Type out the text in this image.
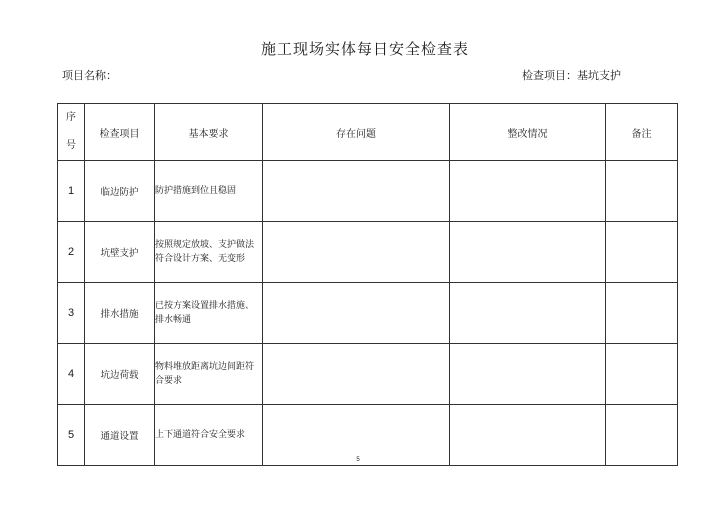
施工现场实体每日安全检查表
项目名称：	检查项目：基坑支护
序
号	检查项目	基本要求	存在问题	整改情况	备注
1	临边防护	防护措施到位且稳固			
2	坑壁支护	按照规定放坡、支护做法符合设计方案、无变形			
3	排水措施	已按方案设置排水措施、排水畅通			
4	坑边荷载	物料堆放距离坑边间距符合要求			
5	通道设置	上下通道符合安全要求			
5
